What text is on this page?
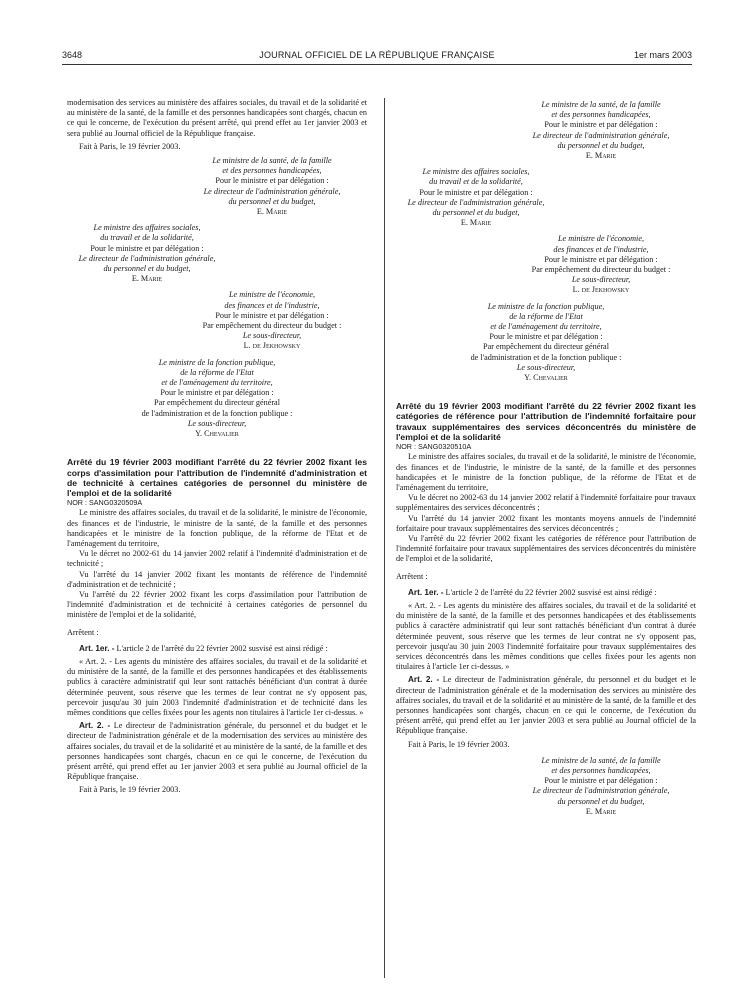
3648	JOURNAL OFFICIEL DE LA RÉPUBLIQUE FRANÇAISE	1er mars 2003

modernisation des services au ministère des affaires sociales, du travail et de la solidarité et au ministère de la santé, de la famille et des personnes handicapées sont chargés, chacun en ce qui le concerne, de l'exécution du présent arrêté, qui prend effet au 1er janvier 2003 et sera publié au Journal officiel de la République française.

Fait à Paris, le 19 février 2003.

Le ministre de la santé, de la famille
et des personnes handicapées,
Pour le ministre et par délégation :
Le directeur de l'administration générale,
du personnel et du budget,
E. Marie
Le ministre des affaires sociales,
du travail et de la solidarité,
Pour le ministre et par délégation :
Le directeur de l'administration générale,
du personnel et du budget,
E. Marie
Le ministre de l'économie,
des finances et de l'industrie,
Pour le ministre et par délégation :
Par empêchement du directeur du budget :
Le sous-directeur,
L. de Jekhowsky
Le ministre de la fonction publique,
de la réforme de l'Etat
et de l'aménagement du territoire,
Pour le ministre et par délégation :
Par empêchement du directeur général
de l'administration et de la fonction publique :
Le sous-directeur,
Y. Chevalier

Arrêté du 19 février 2003 modifiant l'arrêté du 22 février 2002 fixant les corps d'assimilation pour l'attribution de l'indemnité d'administration et de technicité à certaines catégories de personnel du ministère de l'emploi et de la solidarité

NOR : SANG0320509A

Le ministre des affaires sociales, du travail et de la solidarité, le ministre de l'économie, des finances et de l'industrie, le ministre de la santé, de la famille et des personnes handicapées et le ministre de la fonction publique, de la réforme de l'Etat et de l'aménagement du territoire,

Vu le décret no 2002-61 du 14 janvier 2002 relatif à l'indemnité d'administration et de technicité ;

Vu l'arrêté du 14 janvier 2002 fixant les montants de référence de l'indemnité d'administration et de technicité ;

Vu l'arrêté du 22 février 2002 fixant les corps d'assimilation pour l'attribution de l'indemnité d'administration et de technicité à certaines catégories de personnel du ministère de l'emploi et de la solidarité,

Arrêtent :

Art. 1er. - L'article 2 de l'arrêté du 22 février 2002 susvisé est ainsi rédigé :

« Art. 2. - Les agents du ministère des affaires sociales, du travail et de la solidarité et du ministère de la santé, de la famille et des personnes handicapées et des établissements publics à caractère administratif qui leur sont rattachés bénéficiant d'un contrat à durée déterminée peuvent, sous réserve que les termes de leur contrat ne s'y opposent pas, percevoir jusqu'au 30 juin 2003 l'indemnité d'administration et de technicité dans les mêmes conditions que celles fixées pour les agents non titulaires à l'article 1er ci-dessus. »

Art. 2. - Le directeur de l'administration générale, du personnel et du budget et le directeur de l'administration générale et de la modernisation des services au ministère des affaires sociales, du travail et de la solidarité et au ministère de la santé, de la famille et des personnes handicapées sont chargés, chacun en ce qui le concerne, de l'exécution du présent arrêté, qui prend effet au 1er janvier 2003 et sera publié au Journal officiel de la République française.

Fait à Paris, le 19 février 2003.

Le ministre de la santé, de la famille
et des personnes handicapées,
Pour le ministre et par délégation :
Le directeur de l'administration générale,
du personnel et du budget,
E. Marie
Le ministre des affaires sociales,
du travail et de la solidarité,
Pour le ministre et par délégation :
Le directeur de l'administration générale,
du personnel et du budget,
E. Marie
Le ministre de l'économie,
des finances et de l'industrie,
Pour le ministre et par délégation :
Par empêchement du directeur du budget :
Le sous-directeur,
L. de Jekhowsky
Le ministre de la fonction publique,
de la réforme de l'Etat
et de l'aménagement du territoire,
Pour le ministre et par délégation :
Par empêchement du directeur général
de l'administration et de la fonction publique :
Le sous-directeur,
Y. Chevalier

Arrêté du 19 février 2003 modifiant l'arrêté du 22 février 2002 fixant les catégories de référence pour l'attribution de l'indemnité forfaitaire pour travaux supplémentaires des services déconcentrés du ministère de l'emploi et de la solidarité

NOR : SANG0320510A

Le ministre des affaires sociales, du travail et de la solidarité, le ministre de l'économie, des finances et de l'industrie, le ministre de la santé, de la famille et des personnes handicapées et le ministre de la fonction publique, de la réforme de l'Etat et de l'aménagement du territoire,

Vu le décret no 2002-63 du 14 janvier 2002 relatif à l'indemnité forfaitaire pour travaux supplémentaires des services déconcentrés ;

Vu l'arrêté du 14 janvier 2002 fixant les montants moyens annuels de l'indemnité forfaitaire pour travaux supplémentaires des services déconcentrés ;

Vu l'arrêté du 22 février 2002 fixant les catégories de référence pour l'attribution de l'indemnité forfaitaire pour travaux supplémentaires des services déconcentrés du ministère de l'emploi et de la solidarité,

Arrêtent :

Art. 1er. - L'article 2 de l'arrêté du 22 février 2002 susvisé est ainsi rédigé :

« Art. 2. - Les agents du ministère des affaires sociales, du travail et de la solidarité et du ministère de la santé, de la famille et des personnes handicapées et des établissements publics à caractère administratif qui leur sont rattachés bénéficiant d'un contrat à durée déterminée peuvent, sous réserve que les termes de leur contrat ne s'y opposent pas, percevoir jusqu'au 30 juin 2003 l'indemnité forfaitaire pour travaux supplémentaires des services déconcentrés dans les mêmes conditions que celles fixées pour les agents non titulaires à l'article 1er ci-dessus. »

Art. 2. - Le directeur de l'administration générale, du personnel et du budget et le directeur de l'administration générale et de la modernisation des services au ministère des affaires sociales, du travail et de la solidarité et au ministère de la santé, de la famille et des personnes handicapées sont chargés, chacun en ce qui le concerne, de l'exécution du présent arrêté, qui prend effet au 1er janvier 2003 et sera publié au Journal officiel de la République française.

Fait à Paris, le 19 février 2003.

Le ministre de la santé, de la famille
et des personnes handicapées,
Pour le ministre et par délégation :
Le directeur de l'administration générale,
du personnel et du budget,
E. Marie
